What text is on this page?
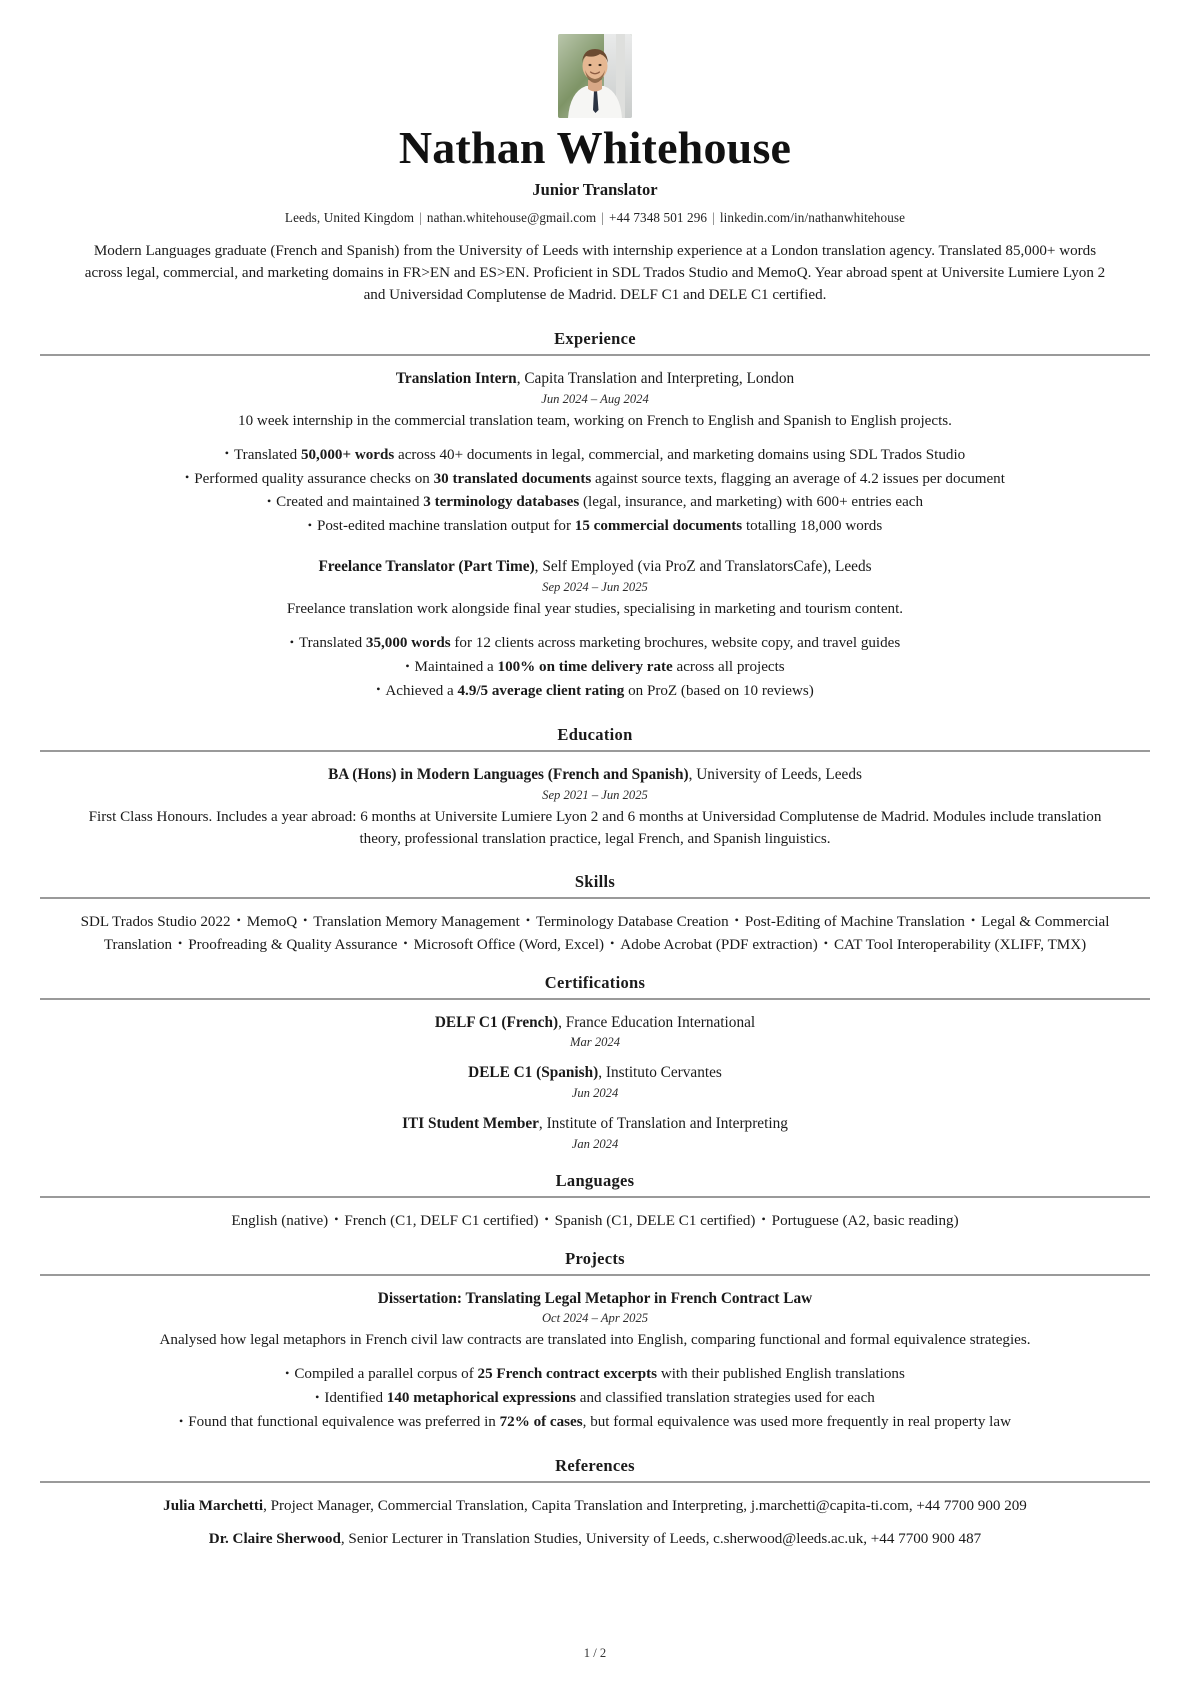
Nathan Whitehouse
Junior Translator
Leeds, United Kingdom | nathan.whitehouse@gmail.com | +44 7348 501 296 | linkedin.com/in/nathanwhitehouse
Modern Languages graduate (French and Spanish) from the University of Leeds with internship experience at a London translation agency. Translated 85,000+ words across legal, commercial, and marketing domains in FR>EN and ES>EN. Proficient in SDL Trados Studio and MemoQ. Year abroad spent at Universite Lumiere Lyon 2 and Universidad Complutense de Madrid. DELF C1 and DELE C1 certified.
Experience
Translation Intern, Capita Translation and Interpreting, London
Jun 2024 – Aug 2024
10 week internship in the commercial translation team, working on French to English and Spanish to English projects.
• Translated 50,000+ words across 40+ documents in legal, commercial, and marketing domains using SDL Trados Studio
• Performed quality assurance checks on 30 translated documents against source texts, flagging an average of 4.2 issues per document
• Created and maintained 3 terminology databases (legal, insurance, and marketing) with 600+ entries each
• Post-edited machine translation output for 15 commercial documents totalling 18,000 words
Freelance Translator (Part Time), Self Employed (via ProZ and TranslatorsCafe), Leeds
Sep 2024 – Jun 2025
Freelance translation work alongside final year studies, specialising in marketing and tourism content.
• Translated 35,000 words for 12 clients across marketing brochures, website copy, and travel guides
• Maintained a 100% on time delivery rate across all projects
• Achieved a 4.9/5 average client rating on ProZ (based on 10 reviews)
Education
BA (Hons) in Modern Languages (French and Spanish), University of Leeds, Leeds
Sep 2021 – Jun 2025
First Class Honours. Includes a year abroad: 6 months at Universite Lumiere Lyon 2 and 6 months at Universidad Complutense de Madrid. Modules include translation theory, professional translation practice, legal French, and Spanish linguistics.
Skills
SDL Trados Studio 2022 • MemoQ • Translation Memory Management • Terminology Database Creation • Post-Editing of Machine Translation • Legal & Commercial Translation • Proofreading & Quality Assurance • Microsoft Office (Word, Excel) • Adobe Acrobat (PDF extraction) • CAT Tool Interoperability (XLIFF, TMX)
Certifications
DELF C1 (French), France Education International
Mar 2024
DELE C1 (Spanish), Instituto Cervantes
Jun 2024
ITI Student Member, Institute of Translation and Interpreting
Jan 2024
Languages
English (native) • French (C1, DELF C1 certified) • Spanish (C1, DELE C1 certified) • Portuguese (A2, basic reading)
Projects
Dissertation: Translating Legal Metaphor in French Contract Law
Oct 2024 – Apr 2025
Analysed how legal metaphors in French civil law contracts are translated into English, comparing functional and formal equivalence strategies.
• Compiled a parallel corpus of 25 French contract excerpts with their published English translations
• Identified 140 metaphorical expressions and classified translation strategies used for each
• Found that functional equivalence was preferred in 72% of cases, but formal equivalence was used more frequently in real property law
References
Julia Marchetti, Project Manager, Commercial Translation, Capita Translation and Interpreting, j.marchetti@capita-ti.com, +44 7700 900 209
Dr. Claire Sherwood, Senior Lecturer in Translation Studies, University of Leeds, c.sherwood@leeds.ac.uk, +44 7700 900 487
1 / 2
